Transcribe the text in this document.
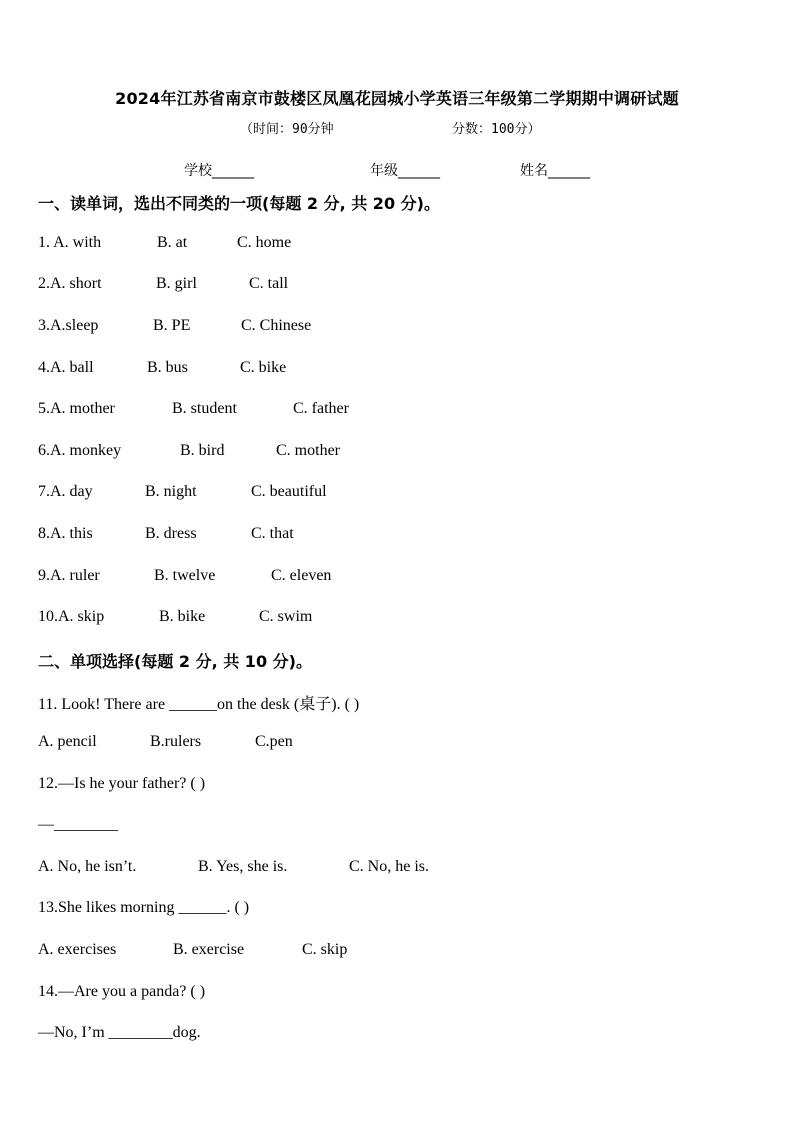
2024年江苏省南京市鼓楼区凤凰花园城小学英语三年级第二学期期中调研试题
（时间：90分钟	分数：100分）
学校______	年级______	姓名______
一、读单词，选出不同类的一项(每题 2 分, 共 20 分)。
1. A. with	B. at	C. home
2.A. short	B. girl	C. tall
3.A.sleep	B. PE	C. Chinese
4.A. ball	B. bus	C. bike
5.A. mother	B. student	C. father
6.A. monkey	B. bird	C. mother
7.A. day	B. night	C. beautiful
8.A. this	B. dress	C. that
9.A. ruler	B. twelve	C. eleven
10.A. skip	B. bike	C. swim
二、单项选择(每题 2 分, 共 10 分)。
11. Look! There are ______on the desk (桌子). ( )
A. pencil	B.rulers	C.pen
12.—Is he your father? ( )
—________
A. No, he isn’t.	B. Yes, she is.	C. No, he is.
13.She likes morning ______. ( )
A. exercises	B. exercise	C. skip
14.—Are you a panda? ( )
—No, I’m ________dog.
